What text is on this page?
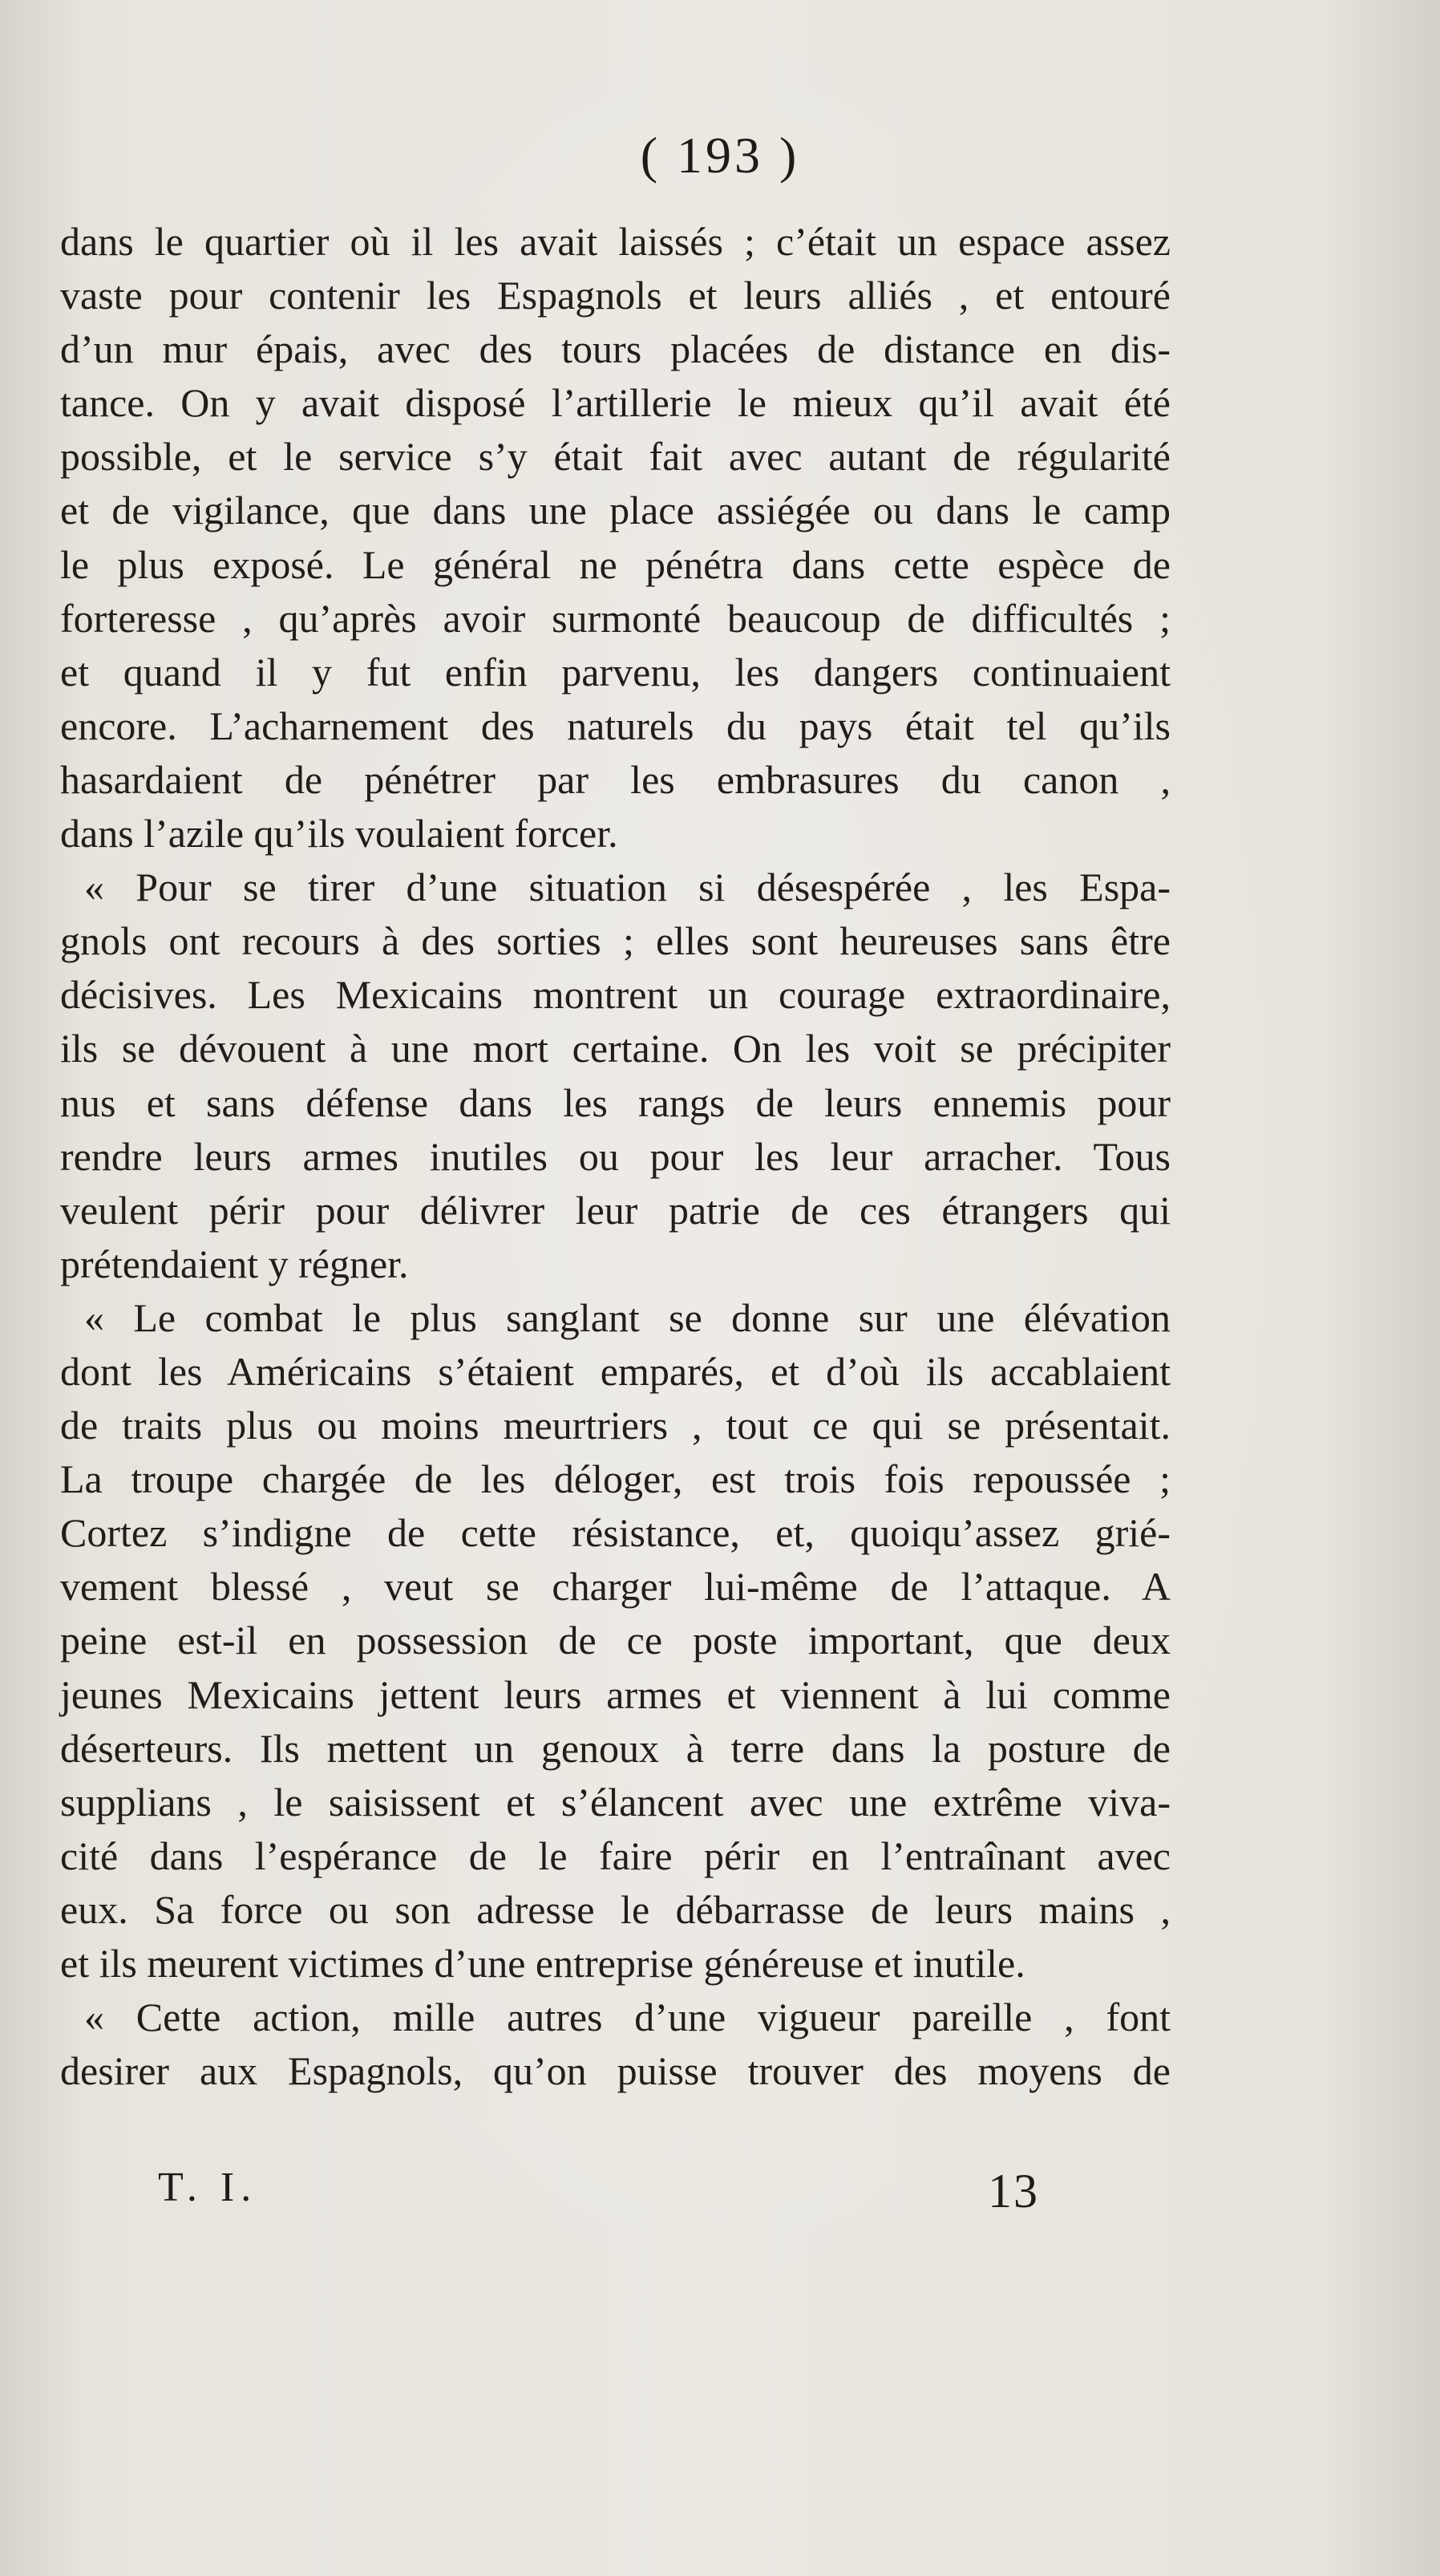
( 193 )
dans le quartier où il les avait laissés ; c’était un espace assez
vaste pour contenir les Espagnols et leurs alliés , et entouré
d’un mur épais, avec des tours placées de distance en dis-
tance. On y avait disposé l’artillerie le mieux qu’il avait été
possible, et le service s’y était fait avec autant de régularité
et de vigilance, que dans une place assiégée ou dans le camp
le plus exposé. Le général ne pénétra dans cette espèce de
forteresse , qu’après avoir surmonté beaucoup de difficultés ;
et quand il y fut enfin parvenu, les dangers continuaient
encore. L’acharnement des naturels du pays était tel qu’ils
hasardaient de pénétrer par les embrasures du canon ,
dans l’azile qu’ils voulaient forcer.
« Pour se tirer d’une situation si désespérée , les Espa-
gnols ont recours à des sorties ; elles sont heureuses sans être
décisives. Les Mexicains montrent un courage extraordinaire,
ils se dévouent à une mort certaine. On les voit se précipiter
nus et sans défense dans les rangs de leurs ennemis pour
rendre leurs armes inutiles ou pour les leur arracher. Tous
veulent périr pour délivrer leur patrie de ces étrangers qui
prétendaient y régner.
« Le combat le plus sanglant se donne sur une élévation
dont les Américains s’étaient emparés, et d’où ils accablaient
de traits plus ou moins meurtriers , tout ce qui se présentait.
La troupe chargée de les déloger, est trois fois repoussée ;
Cortez s’indigne de cette résistance, et, quoiqu’assez grié-
vement blessé , veut se charger lui-même de l’attaque. A
peine est-il en possession de ce poste important, que deux
jeunes Mexicains jettent leurs armes et viennent à lui comme
déserteurs. Ils mettent un genoux à terre dans la posture de
supplians , le saisissent et s’élancent avec une extrême viva-
cité dans l’espérance de le faire périr en l’entraînant avec
eux. Sa force ou son adresse le débarrasse de leurs mains ,
et ils meurent victimes d’une entreprise généreuse et inutile.
« Cette action, mille autres d’une vigueur pareille , font
desirer aux Espagnols, qu’on puisse trouver des moyens de
T. I.	13
